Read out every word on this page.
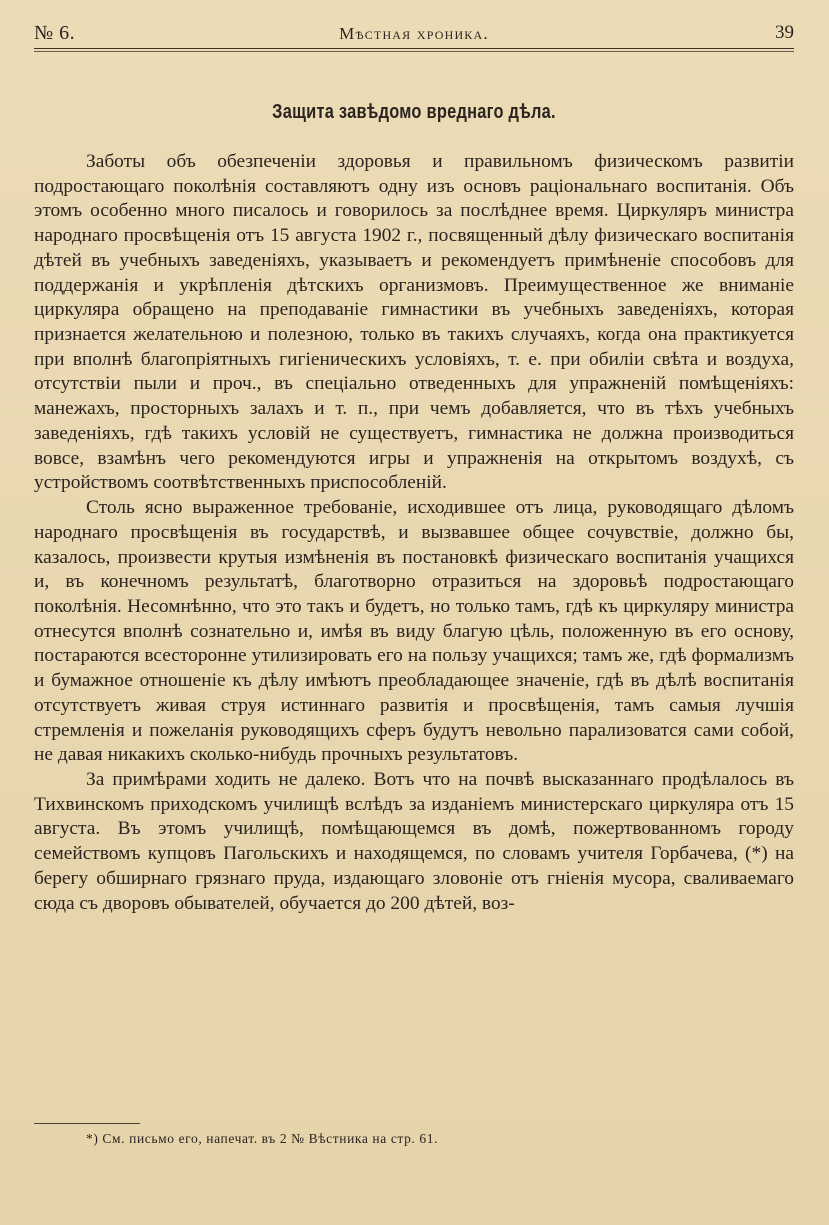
№ 6.	Мѣстная хроника.	39
Защита завѣдомо вреднаго дѣла.

Заботы объ обезпеченіи здоровья и правильномъ физическомъ развитіи подростающаго поколѣнія составляютъ одну изъ основъ раціональнаго воспитанія. Объ этомъ особенно много писалось и говорилось за послѣднее время. Циркуляръ министра народнаго просвѣщенія отъ 15 августа 1902 г., посвященный дѣлу физическаго воспитанія дѣтей въ учебныхъ заведеніяхъ, указываетъ и рекомендуетъ примѣненіе способовъ для поддержанія и укрѣпленія дѣтскихъ организмовъ. Преимущественное же вниманіе циркуляра обращено на преподаваніе гимнастики въ учебныхъ заведеніяхъ, которая признается желательною и полезною, только въ такихъ случаяхъ, когда она практикуется при вполнѣ благопріятныхъ гигіеническихъ условіяхъ, т. е. при обиліи свѣта и воздуха, отсутствіи пыли и проч., въ спеціально отведенныхъ для упражненій помѣщеніяхъ: манежахъ, просторныхъ залахъ и т. п., при чемъ добавляется, что въ тѣхъ учебныхъ заведеніяхъ, гдѣ такихъ условій не существуетъ, гимнастика не должна производиться вовсе, взамѣнъ чего рекомендуются игры и упражненія на открытомъ воздухѣ, съ устройствомъ соотвѣтственныхъ приспособленій.

Столь ясно выраженное требованіе, исходившее отъ лица, руководящаго дѣломъ народнаго просвѣщенія въ государствѣ, и вызвавшее общее сочувствіе, должно бы, казалось, произвести крутыя измѣненія въ постановкѣ физическаго воспитанія учащихся и, въ конечномъ результатѣ, благотворно отразиться на здоровьѣ подростающаго поколѣнія. Несомнѣнно, что это такъ и будетъ, но только тамъ, гдѣ къ циркуляру министра отнесутся вполнѣ сознательно и, имѣя въ виду благую цѣль, положенную въ его основу, постараются всесторонне утилизировать его на пользу учащихся; тамъ же, гдѣ формализмъ и бумажное отношеніе къ дѣлу имѣютъ преобладающее значеніе, гдѣ въ дѣлѣ воспитанія отсутствуетъ живая струя истиннаго развитія и просвѣщенія, тамъ самыя лучшія стремленія и пожеланія руководящихъ сферъ будутъ невольно парализоватся сами собой, не давая никакихъ сколько-нибудь прочныхъ результатовъ.

За примѣрами ходить не далеко. Вотъ что на почвѣ высказаннаго продѣлалось въ Тихвинскомъ приходскомъ училищѣ вслѣдъ за изданіемъ министерскаго циркуляра отъ 15 августа. Въ этомъ училищѣ, помѣщающемся въ домѣ, пожертвованномъ городу семействомъ купцовъ Пагольскихъ и находящемся, по словамъ учителя Горбачева, (*) на берегу обширнаго грязнаго пруда, издающаго зловоніе отъ гніенія мусора, сваливаемаго сюда съ дворовъ обывателей, обучается до 200 дѣтей, воз-

*) См. письмо его, напечат. въ 2 № Вѣстника на стр. 61.
